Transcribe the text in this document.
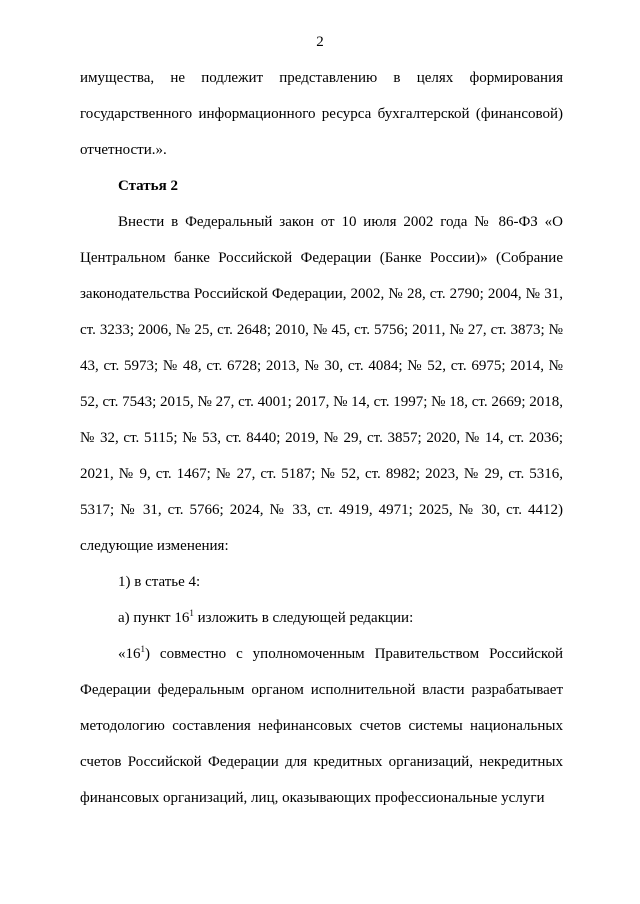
2

имущества, не подлежит представлению в целях формирования государственного информационного ресурса бухгалтерской (финансовой) отчетности.».

Статья 2

Внести в Федеральный закон от 10 июля 2002 года № 86-ФЗ «О Центральном банке Российской Федерации (Банке России)» (Собрание законодательства Российской Федерации, 2002, № 28, ст. 2790; 2004, № 31, ст. 3233; 2006, № 25, ст. 2648; 2010, № 45, ст. 5756; 2011, № 27, ст. 3873; № 43, ст. 5973; № 48, ст. 6728; 2013, № 30, ст. 4084; № 52, ст. 6975; 2014, № 52, ст. 7543; 2015, № 27, ст. 4001; 2017, № 14, ст. 1997; № 18, ст. 2669; 2018, № 32, ст. 5115; № 53, ст. 8440; 2019, № 29, ст. 3857; 2020, № 14, ст. 2036; 2021, № 9, ст. 1467; № 27, ст. 5187; № 52, ст. 8982; 2023, № 29, ст. 5316, 5317; № 31, ст. 5766; 2024, № 33, ст. 4919, 4971; 2025, № 30, ст. 4412) следующие изменения:

1) в статье 4:

а) пункт $16^1$ изложить в следующей редакции:

«$16^1$) совместно с уполномоченным Правительством Российской Федерации федеральным органом исполнительной власти разрабатывает методологию составления нефинансовых счетов системы национальных счетов Российской Федерации для кредитных организаций, некредитных финансовых организаций, лиц, оказывающих профессиональные услуги
